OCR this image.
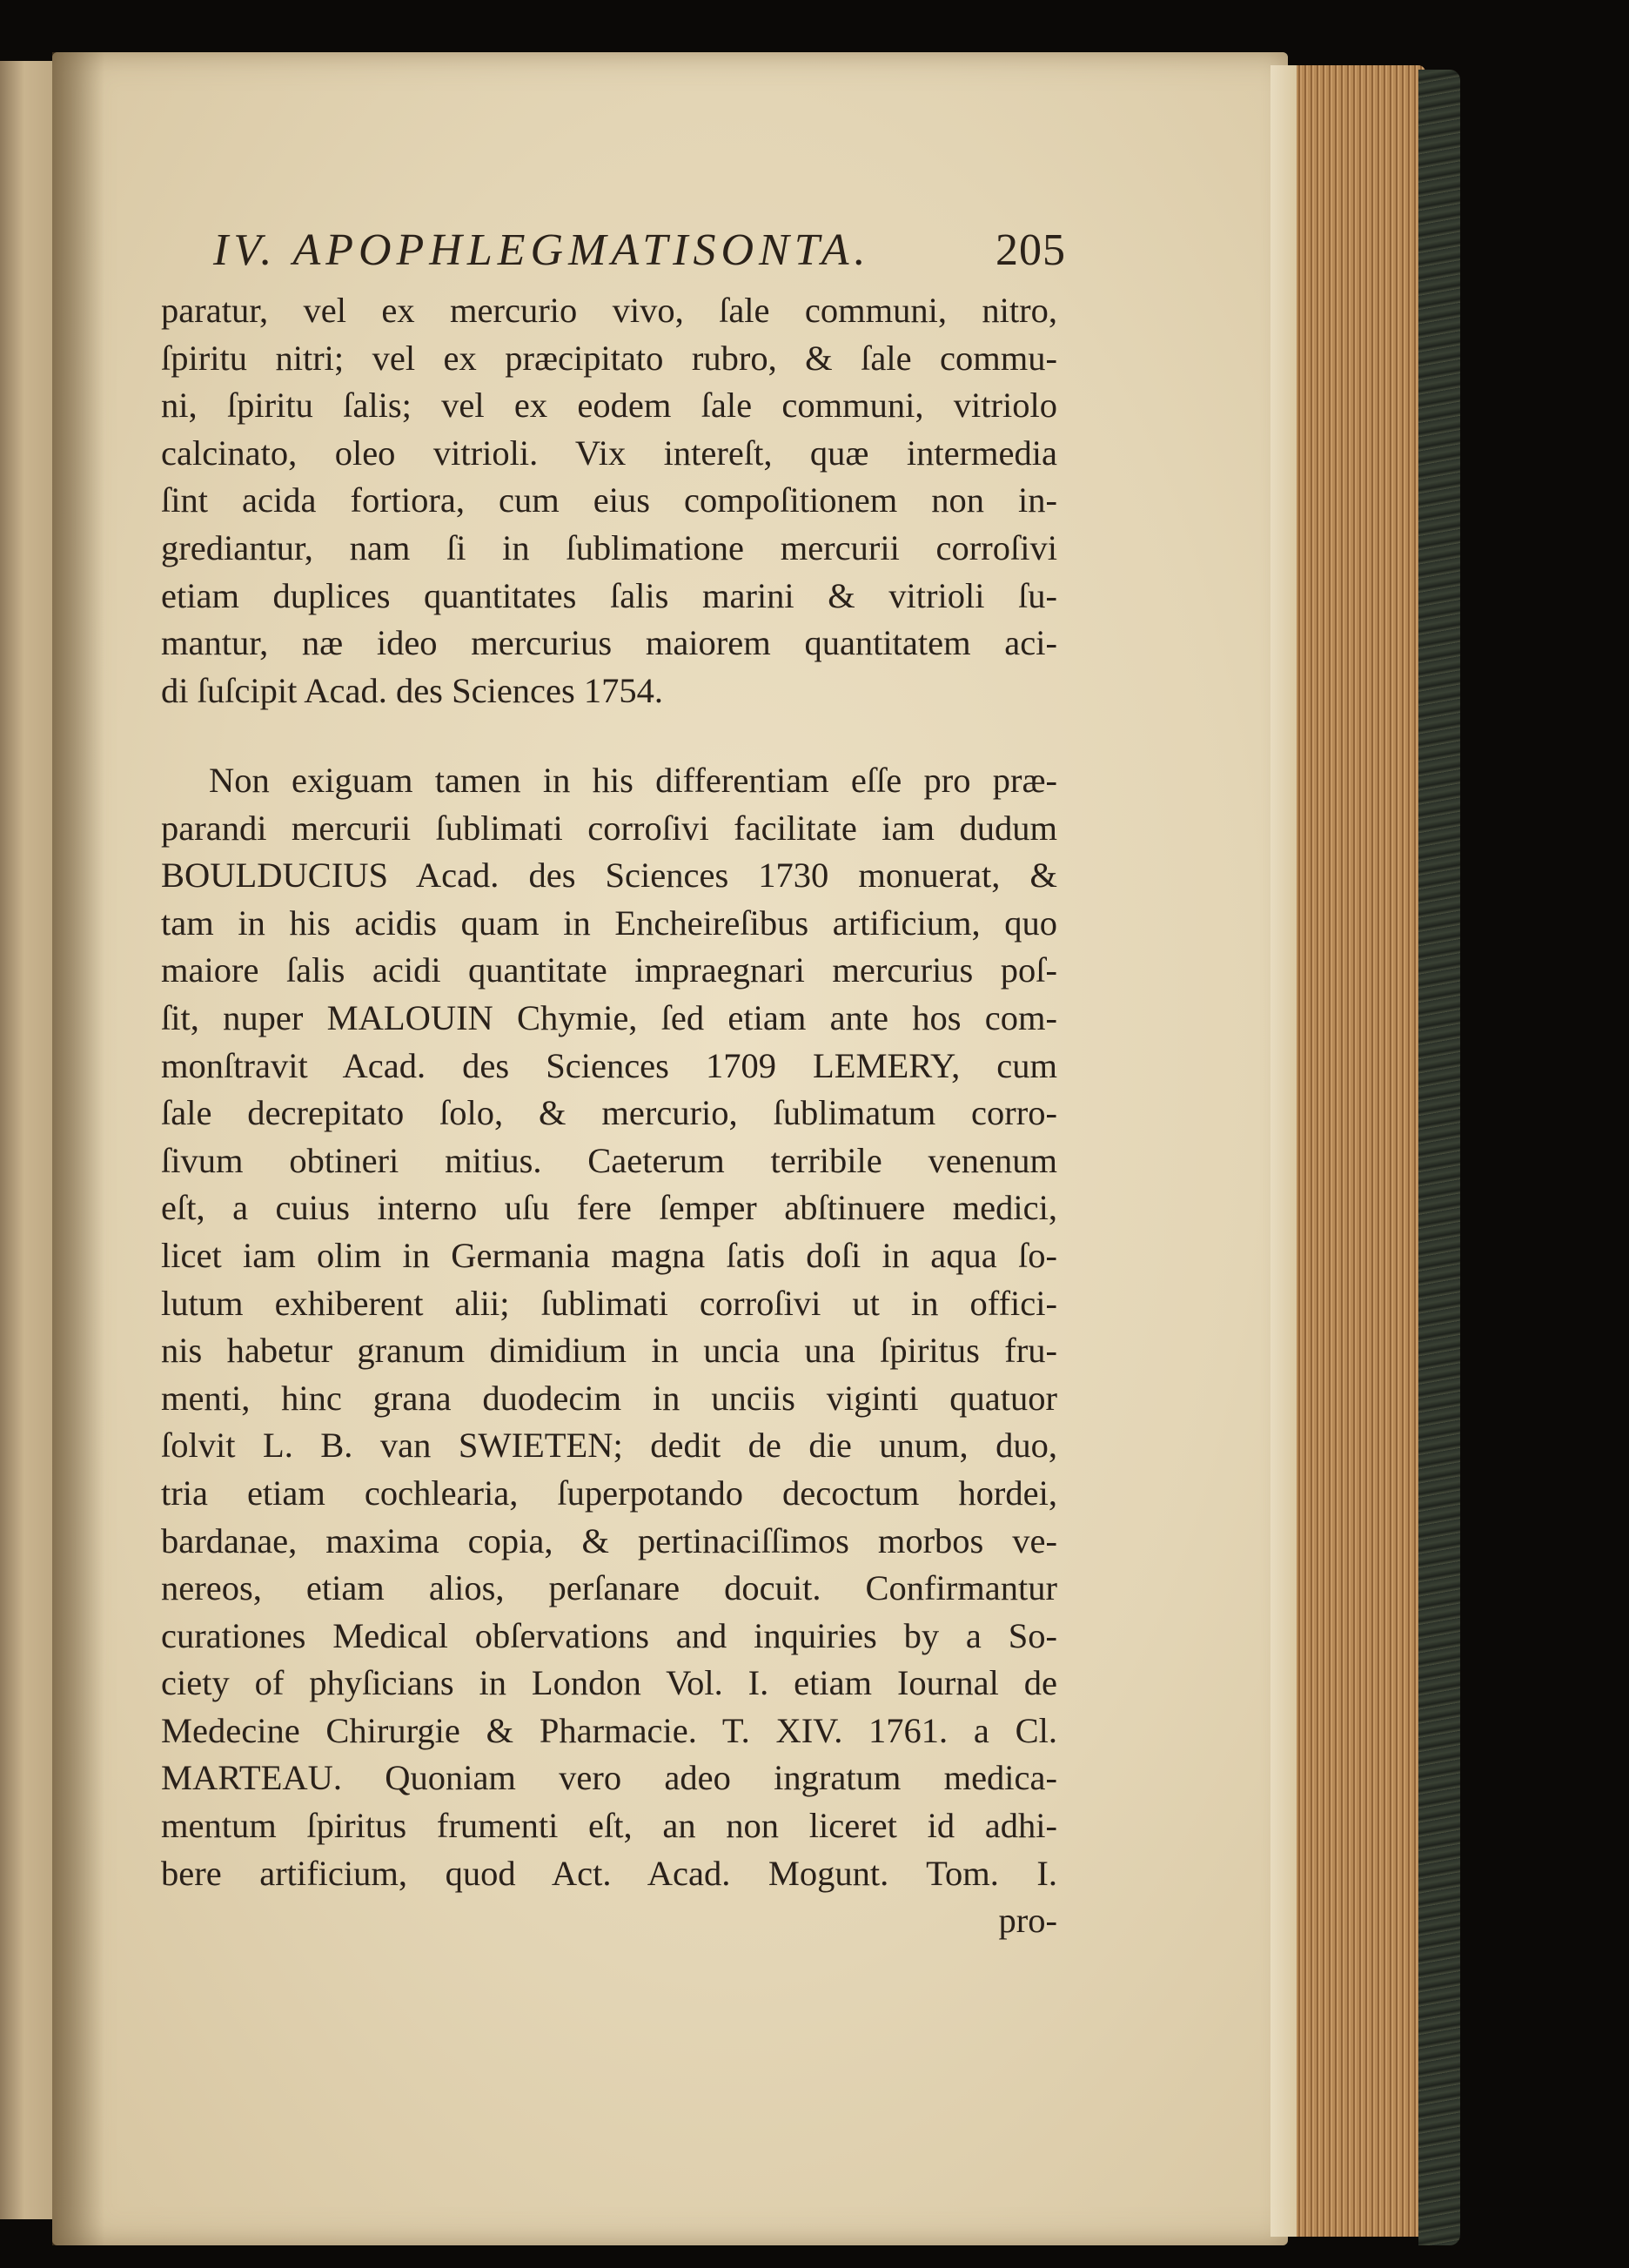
IV. APOPHLEGMATISONTA.	205
paratur, vel ex mercurio vivo, ſale communi, nitro,
ſpiritu nitri; vel ex præcipitato rubro, & ſale commu-
ni, ſpiritu ſalis; vel ex eodem ſale communi, vitriolo
calcinato, oleo vitrioli. Vix intereſt, quæ intermedia
ſint acida fortiora, cum eius compoſitionem non in-
grediantur, nam ſi in ſublimatione mercurii corroſivi
etiam duplices quantitates ſalis marini & vitrioli ſu-
mantur, næ ideo mercurius maiorem quantitatem aci-
di ſuſcipit Acad. des Sciences 1754.
Non exiguam tamen in his differentiam eſſe pro præ-
parandi mercurii ſublimati corroſivi facilitate iam dudum
BOULDUCIUS Acad. des Sciences 1730 monuerat, &
tam in his acidis quam in Encheireſibus artificium, quo
maiore ſalis acidi quantitate impraegnari mercurius poſ-
ſit, nuper MALOUIN Chymie, ſed etiam ante hos com-
monſtravit Acad. des Sciences 1709 LEMERY, cum
ſale decrepitato ſolo, & mercurio, ſublimatum corro-
ſivum obtineri mitius. Caeterum terribile venenum
eſt, a cuius interno uſu fere ſemper abſtinuere medici,
licet iam olim in Germania magna ſatis doſi in aqua ſo-
lutum exhiberent alii; ſublimati corroſivi ut in offici-
nis habetur granum dimidium in uncia una ſpiritus fru-
menti, hinc grana duodecim in unciis viginti quatuor
ſolvit L. B. van SWIETEN; dedit de die unum, duo,
tria etiam cochlearia, ſuperpotando decoctum hordei,
bardanae, maxima copia, & pertinaciſſimos morbos ve-
nereos, etiam alios, perſanare docuit. Confirmantur
curationes Medical obſervations and inquiries by a So-
ciety of phyſicians in London Vol. I. etiam Iournal de
Medecine Chirurgie & Pharmacie. T. XIV. 1761. a Cl.
MARTEAU. Quoniam vero adeo ingratum medica-
mentum ſpiritus frumenti eſt, an non liceret id adhi-
bere artificium, quod Act. Acad. Mogunt. Tom. I.
pro-
